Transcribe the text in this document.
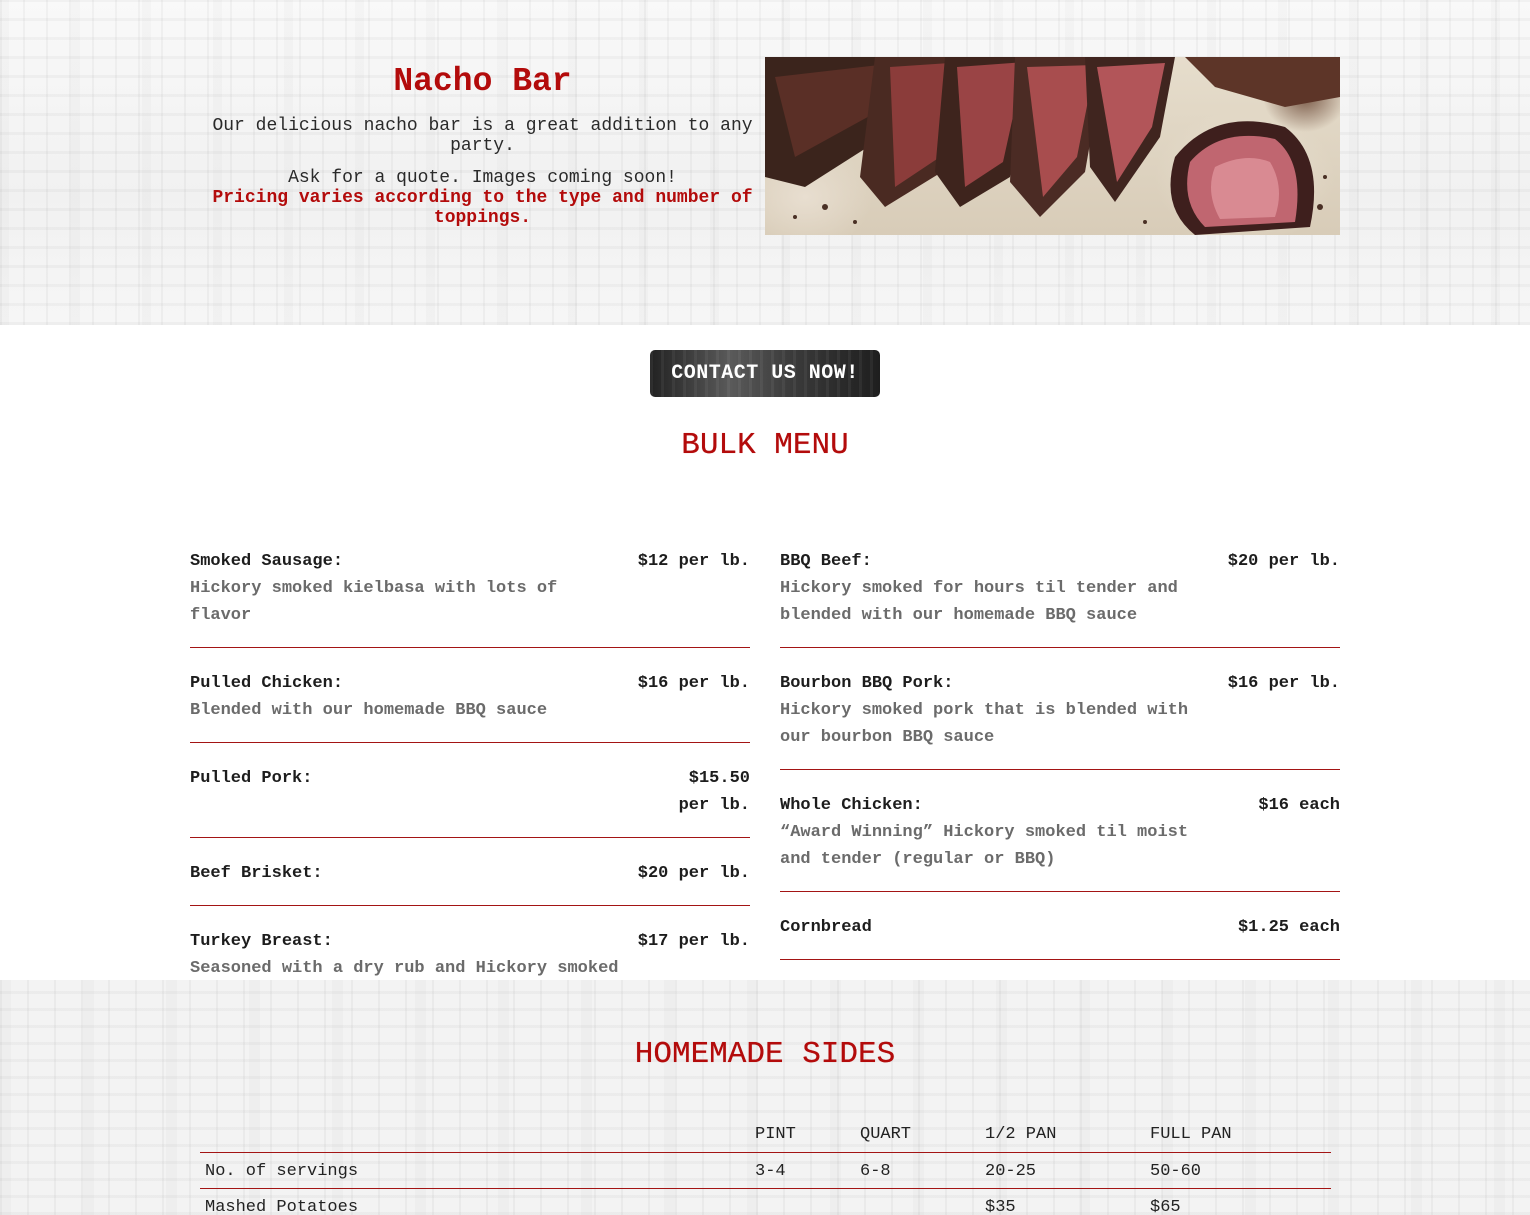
Nacho Bar

Our delicious nacho bar is a great addition to any party.

Ask for a quote. Images coming soon!

Pricing varies according to the type and number of toppings.

CONTACT US NOW!
BULK MENU
Smoked Sausage:	$12 per lb.
Hickory smoked kielbasa with lots of flavor
Pulled Chicken:	$16 per lb.
Blended with our homemade BBQ sauce
Pulled Pork:	$15.50 per lb.
Beef Brisket:	$20 per lb.
Turkey Breast:	$17 per lb.
Seasoned with a dry rub and Hickory smoked
BBQ Beef:	$20 per lb.
Hickory smoked for hours til tender and blended with our homemade BBQ sauce
Bourbon BBQ Pork:	$16 per lb.
Hickory smoked pork that is blended with our bourbon BBQ sauce
Whole Chicken:	$16 each
“Award Winning” Hickory smoked til moist and tender (regular or BBQ)
Cornbread	$1.25 each
HOMEMADE SIDES
	PINT	QUART	1/2 PAN	FULL PAN
No. of servings	3-4	6-8	20-25	50-60
Mashed Potatoes			$35	$65
